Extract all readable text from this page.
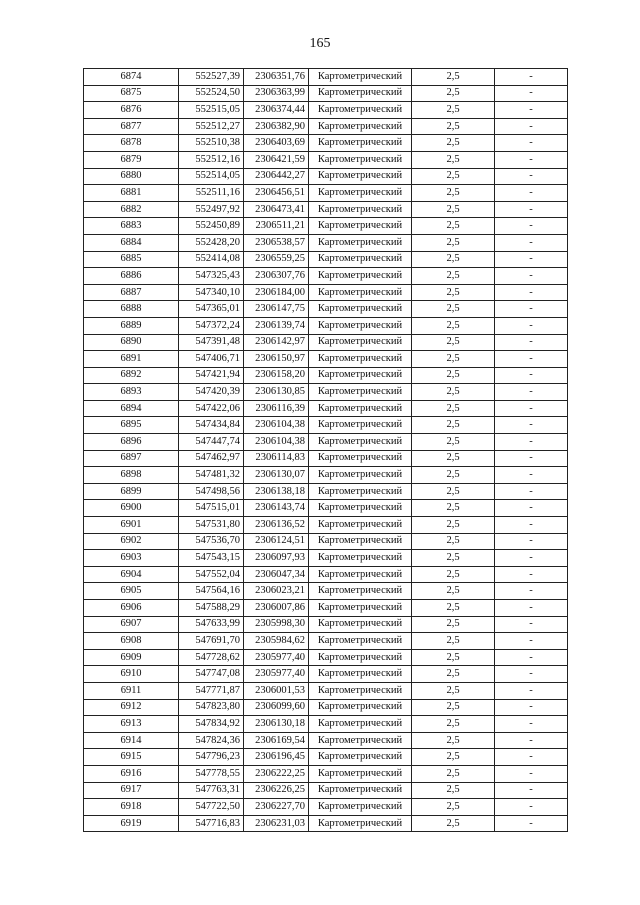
165
6874	552527,39	2306351,76	Картометрический	2,5	-
6875	552524,50	2306363,99	Картометрический	2,5	-
6876	552515,05	2306374,44	Картометрический	2,5	-
6877	552512,27	2306382,90	Картометрический	2,5	-
6878	552510,38	2306403,69	Картометрический	2,5	-
6879	552512,16	2306421,59	Картометрический	2,5	-
6880	552514,05	2306442,27	Картометрический	2,5	-
6881	552511,16	2306456,51	Картометрический	2,5	-
6882	552497,92	2306473,41	Картометрический	2,5	-
6883	552450,89	2306511,21	Картометрический	2,5	-
6884	552428,20	2306538,57	Картометрический	2,5	-
6885	552414,08	2306559,25	Картометрический	2,5	-
6886	547325,43	2306307,76	Картометрический	2,5	-
6887	547340,10	2306184,00	Картометрический	2,5	-
6888	547365,01	2306147,75	Картометрический	2,5	-
6889	547372,24	2306139,74	Картометрический	2,5	-
6890	547391,48	2306142,97	Картометрический	2,5	-
6891	547406,71	2306150,97	Картометрический	2,5	-
6892	547421,94	2306158,20	Картометрический	2,5	-
6893	547420,39	2306130,85	Картометрический	2,5	-
6894	547422,06	2306116,39	Картометрический	2,5	-
6895	547434,84	2306104,38	Картометрический	2,5	-
6896	547447,74	2306104,38	Картометрический	2,5	-
6897	547462,97	2306114,83	Картометрический	2,5	-
6898	547481,32	2306130,07	Картометрический	2,5	-
6899	547498,56	2306138,18	Картометрический	2,5	-
6900	547515,01	2306143,74	Картометрический	2,5	-
6901	547531,80	2306136,52	Картометрический	2,5	-
6902	547536,70	2306124,51	Картометрический	2,5	-
6903	547543,15	2306097,93	Картометрический	2,5	-
6904	547552,04	2306047,34	Картометрический	2,5	-
6905	547564,16	2306023,21	Картометрический	2,5	-
6906	547588,29	2306007,86	Картометрический	2,5	-
6907	547633,99	2305998,30	Картометрический	2,5	-
6908	547691,70	2305984,62	Картометрический	2,5	-
6909	547728,62	2305977,40	Картометрический	2,5	-
6910	547747,08	2305977,40	Картометрический	2,5	-
6911	547771,87	2306001,53	Картометрический	2,5	-
6912	547823,80	2306099,60	Картометрический	2,5	-
6913	547834,92	2306130,18	Картометрический	2,5	-
6914	547824,36	2306169,54	Картометрический	2,5	-
6915	547796,23	2306196,45	Картометрический	2,5	-
6916	547778,55	2306222,25	Картометрический	2,5	-
6917	547763,31	2306226,25	Картометрический	2,5	-
6918	547722,50	2306227,70	Картометрический	2,5	-
6919	547716,83	2306231,03	Картометрический	2,5	-
